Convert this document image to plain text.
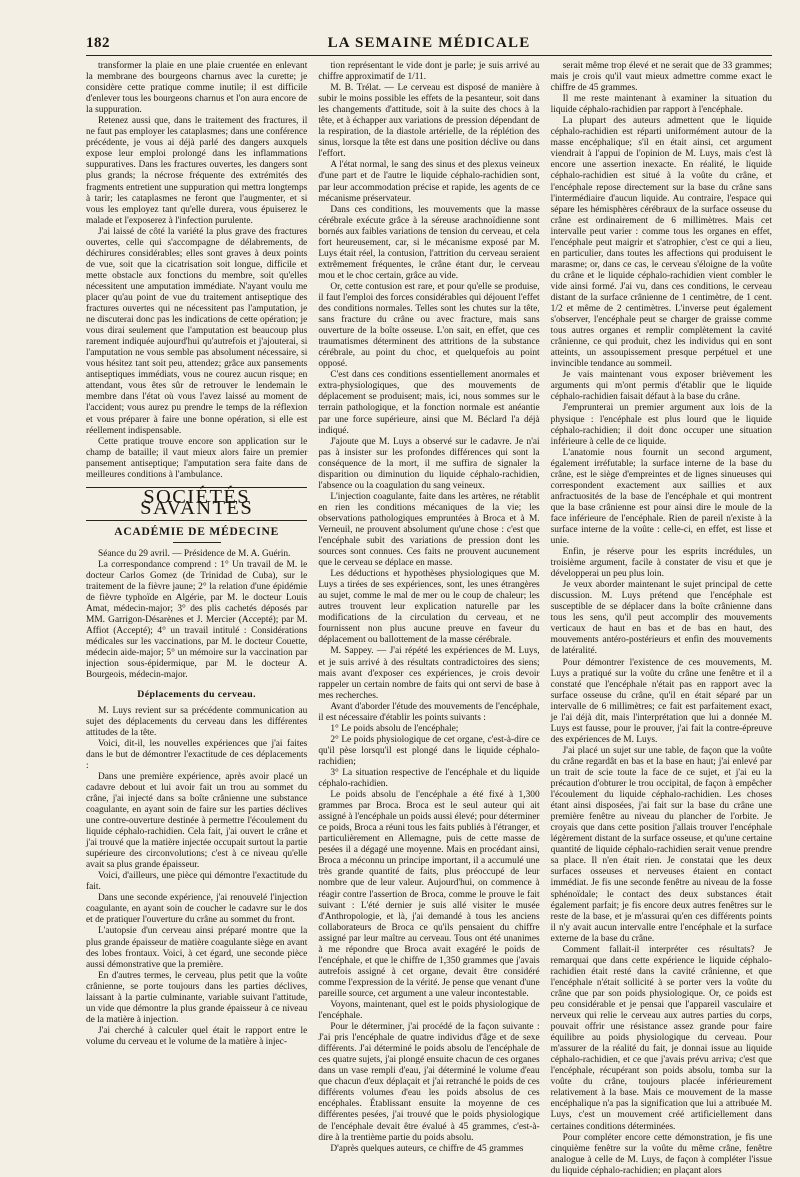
182	LA SEMAINE MÉDICALE

transformer la plaie en une plaie cruentée en enlevant la membrane des bourgeons charnus avec la curette; je considère cette pratique comme inutile; il est difficile d'enlever tous les bourgeons charnus et l'on aura encore de la suppuration.

Retenez aussi que, dans le traitement des fractures, il ne faut pas employer les cataplasmes; dans une conférence précédente, je vous ai déjà parlé des dangers auxquels expose leur emploi prolongé dans les inflammations suppuratives. Dans les fractures ouvertes, les dangers sont plus grands; la nécrose fréquente des extrémités des fragments entretient une suppuration qui mettra longtemps à tarir; les cataplasmes ne feront que l'augmenter, et si vous les employez tant qu'elle durera, vous épuiserez le malade et l'exposerez à l'infection purulente.

J'ai laissé de côté la variété la plus grave des fractures ouvertes, celle qui s'accompagne de délabrements, de déchirures considérables; elles sont graves à deux points de vue, soit que la cicatrisation soit longue, difficile et mette obstacle aux fonctions du membre, soit qu'elles nécessitent une amputation immédiate. N'ayant voulu me placer qu'au point de vue du traitement antiseptique des fractures ouvertes qui ne nécessitent pas l'amputation, je ne discuterai donc pas les indications de cette opération; je vous dirai seulement que l'amputation est beaucoup plus rarement indiquée aujourd'hui qu'autrefois et j'ajouterai, si l'amputation ne vous semble pas absolument nécessaire, si vous hésitez tant soit peu, attendez; grâce aux pansements antiseptiques immédiats, vous ne courez aucun risque; en attendant, vous êtes sûr de retrouver le lendemain le membre dans l'état où vous l'avez laissé au moment de l'accident; vous aurez pu prendre le temps de la réflexion et vous préparer à faire une bonne opération, si elle est réellement indispensable.

Cette pratique trouve encore son application sur le champ de bataille; il vaut mieux alors faire un premier pansement antiseptique; l'amputation sera faite dans de meilleures conditions à l'ambulance.

SOCIÉTÉS SAVANTES
ACADÉMIE DE MÉDECINE

Séance du 29 avril. — Présidence de M. A. Guérin.

La correspondance comprend : 1° Un travail de M. le docteur Carlos Gomez (de Trinidad de Cuba), sur le traitement de la fièvre jaune; 2° la relation d'une épidémie de fièvre typhoïde en Algérie, par M. le docteur Louis Amat, médecin-major; 3° des plis cachetés déposés par MM. Garrigon-Désarènes et J. Mercier (Accepté); par M. Affiot (Accepté); 4° un travail intitulé : Considérations médicales sur les vaccinations, par M. le docteur Couette, médecin aide-major; 5° un mémoire sur la vaccination par injection sous-épidermique, par M. le docteur A. Bourgeois, médecin-major.

Déplacements du cerveau.

M. Luys revient sur sa précédente communication au sujet des déplacements du cerveau dans les différentes attitudes de la tête.

Voici, dit-il, les nouvelles expériences que j'ai faites dans le but de démontrer l'exactitude de ces déplacements :

Dans une première expérience, après avoir placé un cadavre debout et lui avoir fait un trou au sommet du crâne, j'ai injecté dans sa boîte crânienne une substance coagulante, en ayant soin de faire sur les parties déclives une contre-ouverture destinée à permettre l'écoulement du liquide céphalo-rachidien. Cela fait, j'ai ouvert le crâne et j'ai trouvé que la matière injectée occupait surtout la partie supérieure des circonvolutions; c'est à ce niveau qu'elle avait sa plus grande épaisseur.

Voici, d'ailleurs, une pièce qui démontre l'exactitude du fait.

Dans une seconde expérience, j'ai renouvelé l'injection coagulante, en ayant soin de coucher le cadavre sur le dos et de pratiquer l'ouverture du crâne au sommet du front.

L'autopsie d'un cerveau ainsi préparé montre que la plus grande épaisseur de matière coagulante siège en avant des lobes frontaux. Voici, à cet égard, une seconde pièce aussi démonstrative que la première.

En d'autres termes, le cerveau, plus petit que la voûte crânienne, se porte toujours dans les parties déclives, laissant à la partie culminante, variable suivant l'attitude, un vide que démontre la plus grande épaisseur à ce niveau de la matière à injection.

J'ai cherché à calculer quel était le rapport entre le volume du cerveau et le volume de la matière à injec-

tion représentant le vide dont je parle; je suis arrivé au chiffre approximatif de 1/11.

M. B. Trélat. — Le cerveau est disposé de manière à subir le moins possible les effets de la pesanteur, soit dans les changements d'attitude, soit à la suite des chocs à la tête, et à échapper aux variations de pression dépendant de la respiration, de la diastole artérielle, de la réplétion des sinus, lorsque la tête est dans une position déclive ou dans l'effort.

A l'état normal, le sang des sinus et des plexus veineux d'une part et de l'autre le liquide céphalo-rachidien sont, par leur accommodation précise et rapide, les agents de ce mécanisme préservateur.

Dans ces conditions, les mouvements que la masse cérébrale exécute grâce à la séreuse arachnoïdienne sont bornés aux faibles variations de tension du cerveau, et cela fort heureusement, car, si le mécanisme exposé par M. Luys était réel, la contusion, l'attrition du cerveau seraient extrêmement fréquentes, le crâne étant dur, le cerveau mou et le choc certain, grâce au vide.

Or, cette contusion est rare, et pour qu'elle se produise, il faut l'emploi des forces considérables qui déjouent l'effet des conditions normales. Telles sont les chutes sur la tête, sans fracture du crâne ou avec fracture, mais sans ouverture de la boîte osseuse. L'on sait, en effet, que ces traumatismes déterminent des attritions de la substance cérébrale, au point du choc, et quelquefois au point opposé.

C'est dans ces conditions essentiellement anormales et extra-physiologiques, que des mouvements de déplacement se produisent; mais, ici, nous sommes sur le terrain pathologique, et la fonction normale est anéantie par une force supérieure, ainsi que M. Béclard l'a déjà indiqué.

J'ajoute que M. Luys a observé sur le cadavre. Je n'ai pas à insister sur les profondes différences qui sont la conséquence de la mort, il me suffira de signaler la disparition ou diminution du liquide céphalo-rachidien, l'absence ou la coagulation du sang veineux.

L'injection coagulante, faite dans les artères, ne rétablit en rien les conditions mécaniques de la vie; les observations pathologiques empruntées à Broca et à M. Verneuil, ne prouvent absolument qu'une chose : c'est que l'encéphale subit des variations de pression dont les sources sont connues. Ces faits ne prouvent aucunement que le cerveau se déplace en masse.

Les déductions et hypothèses physiologiques que M. Luys a tirées de ses expériences, sont, les unes étrangères au sujet, comme le mal de mer ou le coup de chaleur; les autres trouvent leur explication naturelle par les modifications de la circulation du cerveau, et ne fournissent non plus aucune preuve en faveur du déplacement ou ballottement de la masse cérébrale.

M. Sappey. — J'ai répété les expériences de M. Luys, et je suis arrivé à des résultats contradictoires des siens; mais avant d'exposer ces expériences, je crois devoir rappeler un certain nombre de faits qui ont servi de base à mes recherches.

Avant d'aborder l'étude des mouvements de l'encéphale, il est nécessaire d'établir les points suivants :

1° Le poids absolu de l'encéphale;

2° Le poids physiologique de cet organe, c'est-à-dire ce qu'il pèse lorsqu'il est plongé dans le liquide céphalo-rachidien;

3° La situation respective de l'encéphale et du liquide céphalo-rachidien.

Le poids absolu de l'encéphale a été fixé à 1,300 grammes par Broca. Broca est le seul auteur qui ait assigné à l'encéphale un poids aussi élevé; pour déterminer ce poids, Broca a réuni tous les faits publiés à l'étranger, et particulièrement en Allemagne, puis de cette masse de pesées il a dégagé une moyenne. Mais en procédant ainsi, Broca a méconnu un principe important, il a accumulé une très grande quantité de faits, plus préoccupé de leur nombre que de leur valeur. Aujourd'hui, on commence à réagir contre l'assertion de Broca, comme le prouve le fait suivant : L'été dernier je suis allé visiter le musée d'Anthropologie, et là, j'ai demandé à tous les anciens collaborateurs de Broca ce qu'ils pensaient du chiffre assigné par leur maître au cerveau. Tous ont été unanimes à me répondre que Broca avait exagéré le poids de l'encéphale, et que le chiffre de 1,350 grammes que j'avais autrefois assigné à cet organe, devait être considéré comme l'expression de la vérité. Je pense que venant d'une pareille source, cet argument a une valeur incontestable.

Voyons, maintenant, quel est le poids physiologique de l'encéphale.

Pour le déterminer, j'ai procédé de la façon suivante : J'ai pris l'encéphale de quatre individus d'âge et de sexe différents. J'ai déterminé le poids absolu de l'encéphale de ces quatre sujets, j'ai plongé ensuite chacun de ces organes dans un vase rempli d'eau, j'ai déterminé le volume d'eau que chacun d'eux déplaçait et j'ai retranché le poids de ces différents volumes d'eau les poids absolus de ces encéphales. Établissant ensuite la moyenne de ces différentes pesées, j'ai trouvé que le poids physiologique de l'encéphale devait être évalué à 45 grammes, c'est-à-dire à la trentième partie du poids absolu.

D'après quelques auteurs, ce chiffre de 45 grammes

serait même trop élevé et ne serait que de 33 grammes; mais je crois qu'il vaut mieux admettre comme exact le chiffre de 45 grammes.

Il me reste maintenant à examiner la situation du liquide céphalo-rachidien par rapport à l'encéphale.

La plupart des auteurs admettent que le liquide céphalo-rachidien est réparti uniformément autour de la masse encéphalique; s'il en était ainsi, cet argument viendrait à l'appui de l'opinion de M. Luys, mais c'est là encore une assertion inexacte. En réalité, le liquide céphalo-rachidien est situé à la voûte du crâne, et l'encéphale repose directement sur la base du crâne sans l'intermédiaire d'aucun liquide. Au contraire, l'espace qui sépare les hémisphères cérébraux de la surface osseuse du crâne est ordinairement de 6 millimètres. Mais cet intervalle peut varier : comme tous les organes en effet, l'encéphale peut maigrir et s'atrophier, c'est ce qui a lieu, en particulier, dans toutes les affections qui produisent le marasme; or, dans ce cas, le cerveau s'éloigne de la voûte du crâne et le liquide céphalo-rachidien vient combler le vide ainsi formé. J'ai vu, dans ces conditions, le cerveau distant de la surface crânienne de 1 centimètre, de 1 cent. 1/2 et même de 2 centimètres. L'inverse peut également s'observer, l'encéphale peut se charger de graisse comme tous autres organes et remplir complètement la cavité crânienne, ce qui produit, chez les individus qui en sont atteints, un assoupissement presque perpétuel et une invincible tendance au sommeil.

Je vais maintenant vous exposer brièvement les arguments qui m'ont permis d'établir que le liquide céphalo-rachidien faisait défaut à la base du crâne.

J'emprunterai un premier argument aux lois de la physique : l'encéphale est plus lourd que le liquide céphalo-rachidien; il doit donc occuper une situation inférieure à celle de ce liquide.

L'anatomie nous fournit un second argument, également irréfutable; la surface interne de la base du crâne, est le siège d'empreintes et de lignes sinueuses qui correspondent exactement aux saillies et aux anfractuosités de la base de l'encéphale et qui montrent que la base crânienne est pour ainsi dire le moule de la face inférieure de l'encéphale. Rien de pareil n'existe à la surface interne de la voûte : celle-ci, en effet, est lisse et unie.

Enfin, je réserve pour les esprits incrédules, un troisième argument, facile à constater de visu et que je développerai un peu plus loin.

Je veux aborder maintenant le sujet principal de cette discussion. M. Luys prétend que l'encéphale est susceptible de se déplacer dans la boîte crânienne dans tous les sens, qu'il peut accomplir des mouvements verticaux de haut en bas et de bas en haut, des mouvements antéro-postérieurs et enfin des mouvements de latéralité.

Pour démontrer l'existence de ces mouvements, M. Luys a pratiqué sur la voûte du crâne une fenêtre et il a constaté que l'encéphale n'était pas en rapport avec la surface osseuse du crâne, qu'il en était séparé par un intervalle de 6 millimètres; ce fait est parfaitement exact, je l'ai déjà dit, mais l'interprétation que lui a donnée M. Luys est fausse, pour le prouver, j'ai fait la contre-épreuve des expériences de M. Luys.

J'ai placé un sujet sur une table, de façon que la voûte du crâne regardât en bas et la base en haut; j'ai enlevé par un trait de scie toute la face de ce sujet, et j'ai eu la précaution d'obturer le trou occipital, de façon à empêcher l'écoulement du liquide céphalo-rachidien. Les choses étant ainsi disposées, j'ai fait sur la base du crâne une première fenêtre au niveau du plancher de l'orbite. Je croyais que dans cette position j'allais trouver l'encéphale légèrement distant de la surface osseuse, et qu'une certaine quantité de liquide céphalo-rachidien serait venue prendre sa place. Il n'en était rien. Je constatai que les deux surfaces osseuses et nerveuses étaient en contact immédiat. Je fis une seconde fenêtre au niveau de la fosse sphénoïdale; le contact des deux substances était également parfait; je fis encore deux autres fenêtres sur le reste de la base, et je m'assurai qu'en ces différents points il n'y avait aucun intervalle entre l'encéphale et la surface externe de la base du crâne.

Comment fallait-il interpréter ces résultats? Je remarquai que dans cette expérience le liquide céphalo-rachidien était resté dans la cavité crânienne, et que l'encéphale n'était sollicité à se porter vers la voûte du crâne que par son poids physiologique. Or, ce poids est peu considérable et je pensai que l'appareil vasculaire et nerveux qui relie le cerveau aux autres parties du corps, pouvait offrir une résistance assez grande pour faire équilibre au poids physiologique du cerveau. Pour m'assurer de la réalité du fait, je donnai issue au liquide céphalo-rachidien, et ce que j'avais prévu arriva; c'est que l'encéphale, récupérant son poids absolu, tomba sur la voûte du crâne, toujours placée inférieurement relativement à la base. Mais ce mouvement de la masse encéphalique n'a pas la signification que lui a attribuée M. Luys, c'est un mouvement créé artificiellement dans certaines conditions déterminées.

Pour compléter encore cette démonstration, je fis une cinquième fenêtre sur la voûte du même crâne, fenêtre analogue à celle de M. Luys, de façon à compléter l'issue du liquide céphalo-rachidien; en plaçant alors
